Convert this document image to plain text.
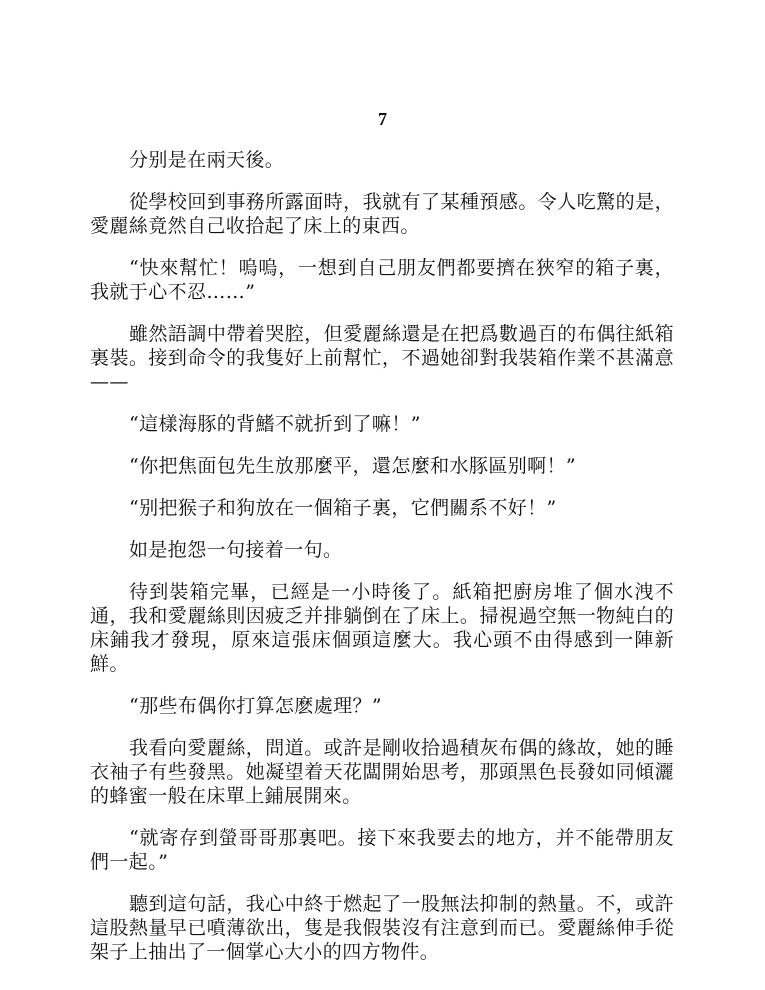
7

分别是在兩天後。

從學校回到事務所露面時，我就有了某種預感。令人吃驚的是，愛麗絲竟然自己收拾起了床上的東西。

“快來幫忙！嗚嗚，一想到自己朋友們都要擠在狹窄的箱子裏，我就于心不忍……”

雖然語調中帶着哭腔，但愛麗絲還是在把爲數過百的布偶往紙箱裏裝。接到命令的我隻好上前幫忙，不過她卻對我裝箱作業不甚滿意——

“這樣海豚的背鰭不就折到了嘛！”

“你把焦面包先生放那麼平，還怎麼和水豚區别啊！”

“别把猴子和狗放在一個箱子裏，它們關系不好！”

如是抱怨一句接着一句。

待到裝箱完畢，已經是一小時後了。紙箱把廚房堆了個水洩不通，我和愛麗絲則因疲乏并排躺倒在了床上。掃視過空無一物純白的床鋪我才發現，原來這張床個頭這麼大。我心頭不由得感到一陣新鮮。

“那些布偶你打算怎麽處理？”

我看向愛麗絲，問道。或許是剛收拾過積灰布偶的緣故，她的睡衣袖子有些發黑。她凝望着天花闆開始思考，那頭黑色長發如同傾灑的蜂蜜一般在床單上鋪展開來。

“就寄存到螢哥哥那裏吧。接下來我要去的地方，并不能帶朋友們一起。”

聽到這句話，我心中終于燃起了一股無法抑制的熱量。不，或許這股熱量早已噴薄欲出，隻是我假裝沒有注意到而已。愛麗絲伸手從架子上抽出了一個掌心大小的四方物件。
